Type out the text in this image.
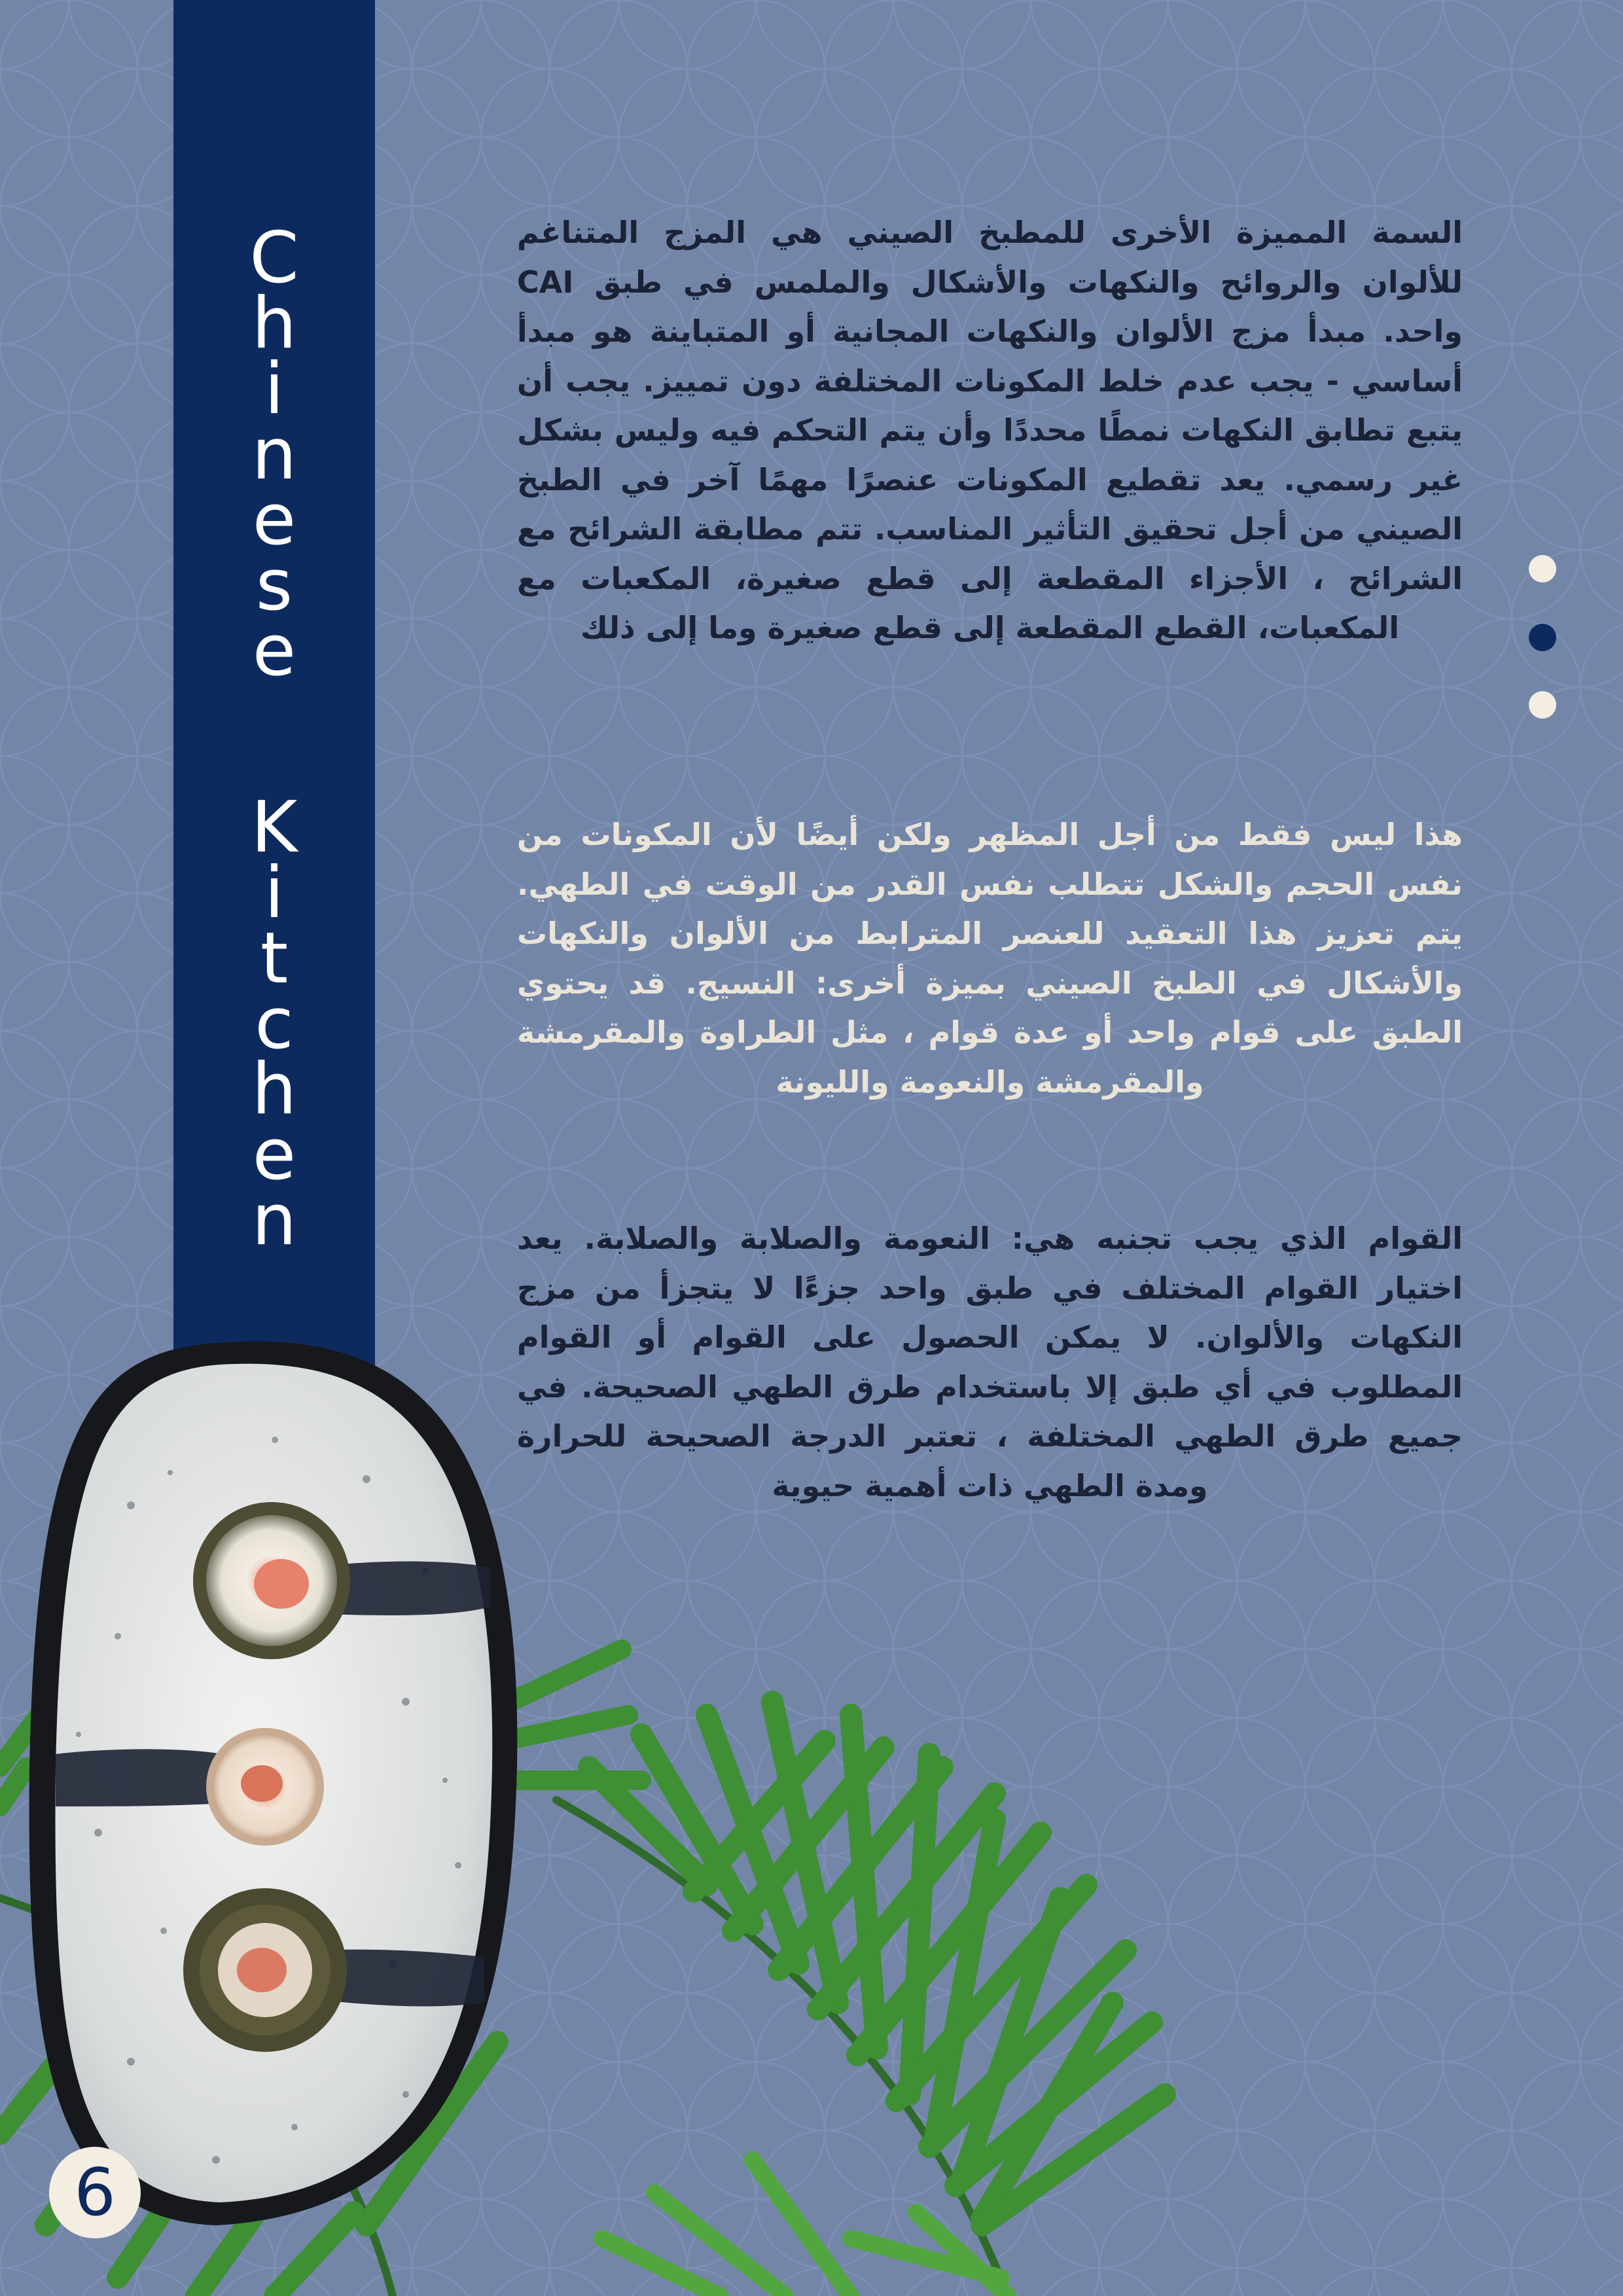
C
h
i
n
e
s
e
K
i
t
c
h
e
n

السمة المميزة الأخرى للمطبخ الصيني هي المزج المتناغم للألوان والروائح والنكهات والأشكال والملمس في طبق CAI واحد. مبدأ مزج الألوان والنكهات المجانية أو المتباينة هو مبدأ أساسي - يجب عدم خلط المكونات المختلفة دون تمييز. يجب أن يتبع تطابق النكهات نمطًا محددًا وأن يتم التحكم فيه وليس بشكل غير رسمي. يعد تقطيع المكونات عنصرًا مهمًا آخر في الطبخ الصيني من أجل تحقيق التأثير المناسب. تتم مطابقة الشرائح مع الشرائح ، الأجزاء المقطعة إلى قطع صغيرة، المكعبات مع المكعبات، القطع المقطعة إلى قطع صغيرة وما إلى ذلك

هذا ليس فقط من أجل المظهر ولكن أيضًا لأن المكونات من نفس الحجم والشكل تتطلب نفس القدر من الوقت في الطهي. يتم تعزيز هذا التعقيد للعنصر المترابط من الألوان والنكهات والأشكال في الطبخ الصيني بميزة أخرى: النسيج. قد يحتوي الطبق على قوام واحد أو عدة قوام ، مثل الطراوة والمقرمشة والمقرمشة والنعومة والليونة

القوام الذي يجب تجنبه هي: النعومة والصلابة والصلابة. يعد اختيار القوام المختلف في طبق واحد جزءًا لا يتجزأ من مزج النكهات والألوان. لا يمكن الحصول على القوام أو القوام المطلوب في أي طبق إلا باستخدام طرق الطهي الصحيحة. في جميع طرق الطهي المختلفة ، تعتبر الدرجة الصحيحة للحرارة ومدة الطهي ذات أهمية حيوية

6
